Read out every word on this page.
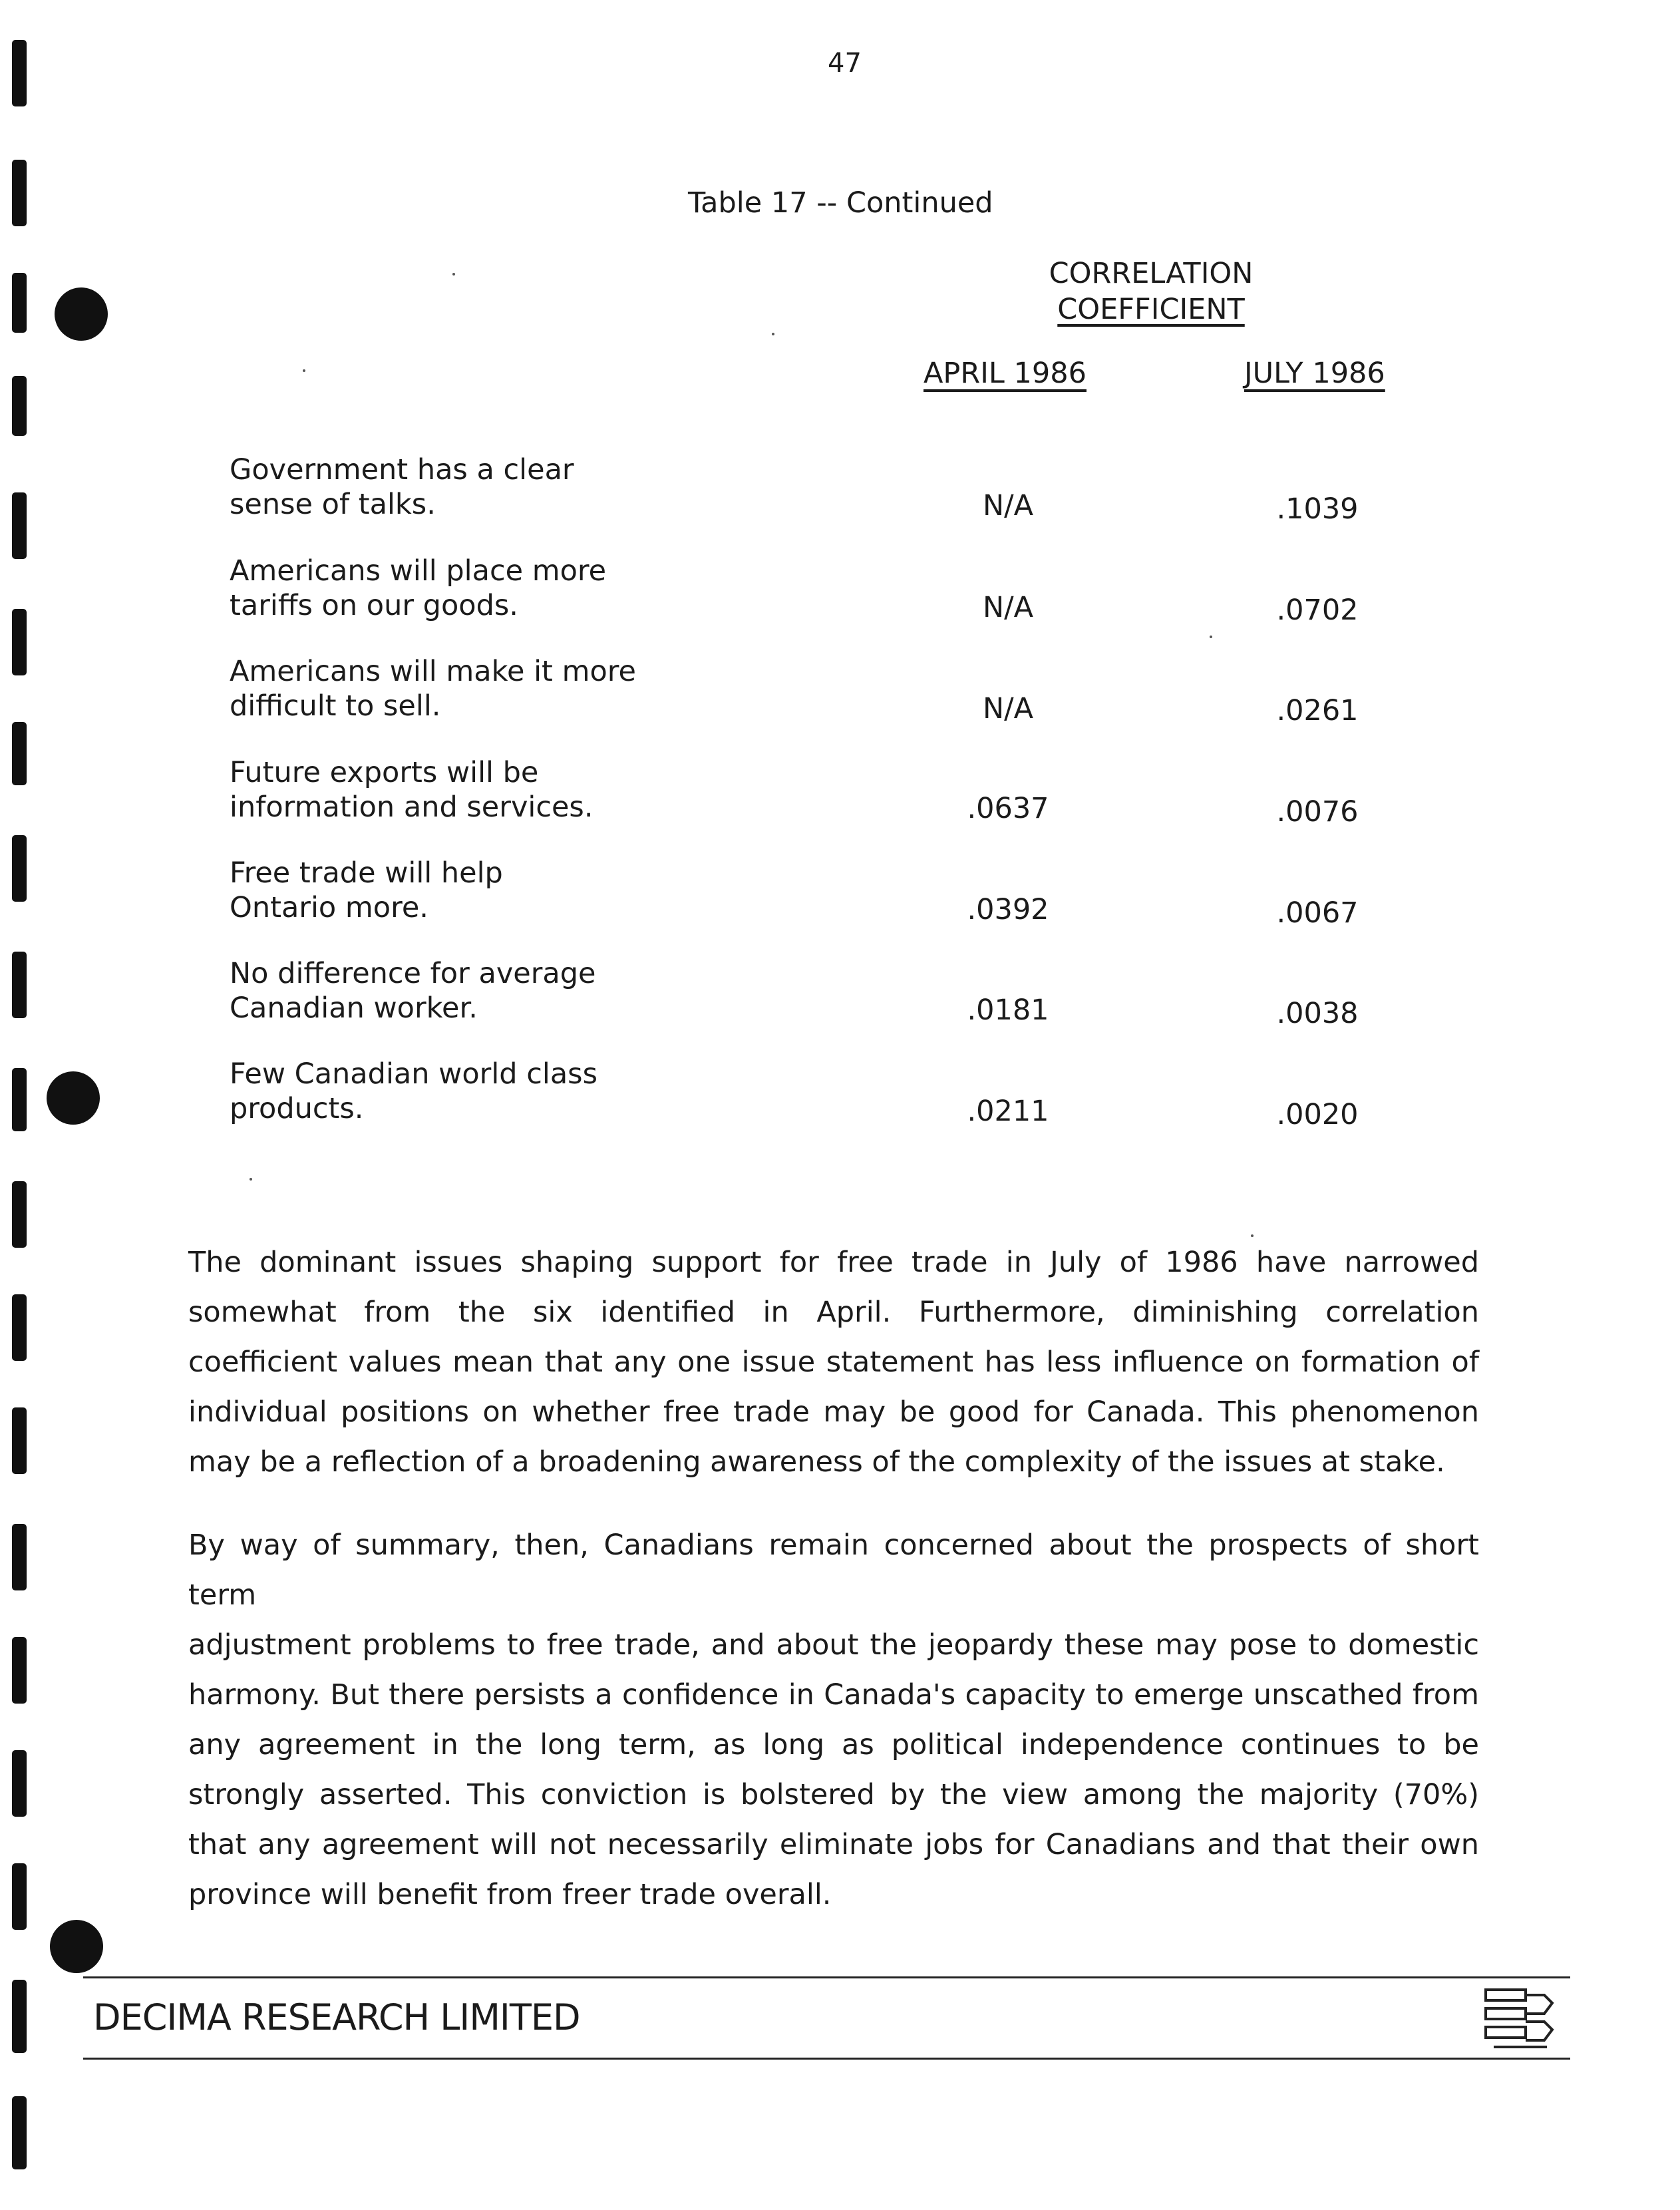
47
Table 17 -- Continued
CORRELATION
COEFFICIENT
APRIL 1986	JULY 1986
Government has a clear
sense of talks.	N/A	.1039
Americans will place more
tariffs on our goods.	N/A	.0702
Americans will make it more
difficult to sell.	N/A	.0261
Future exports will be
information and services.	.0637	.0076
Free trade will help
Ontario more.	.0392	.0067
No difference for average
Canadian worker.	.0181	.0038
Few Canadian world class
products.	.0211	.0020
The dominant issues shaping support for free trade in July of 1986 have narrowed
somewhat from the six identified in April. Furthermore, diminishing correlation
coefficient values mean that any one issue statement has less influence on formation of
individual positions on whether free trade may be good for Canada. This phenomenon
may be a reflection of a broadening awareness of the complexity of the issues at stake.
By way of summary, then, Canadians remain concerned about the prospects of short term
adjustment problems to free trade, and about the jeopardy these may pose to domestic
harmony. But there persists a confidence in Canada's capacity to emerge unscathed from
any agreement in the long term, as long as political independence continues to be
strongly asserted. This conviction is bolstered by the view among the majority (70%)
that any agreement will not necessarily eliminate jobs for Canadians and that their own
province will benefit from freer trade overall.
DECIMA RESEARCH LIMITED
